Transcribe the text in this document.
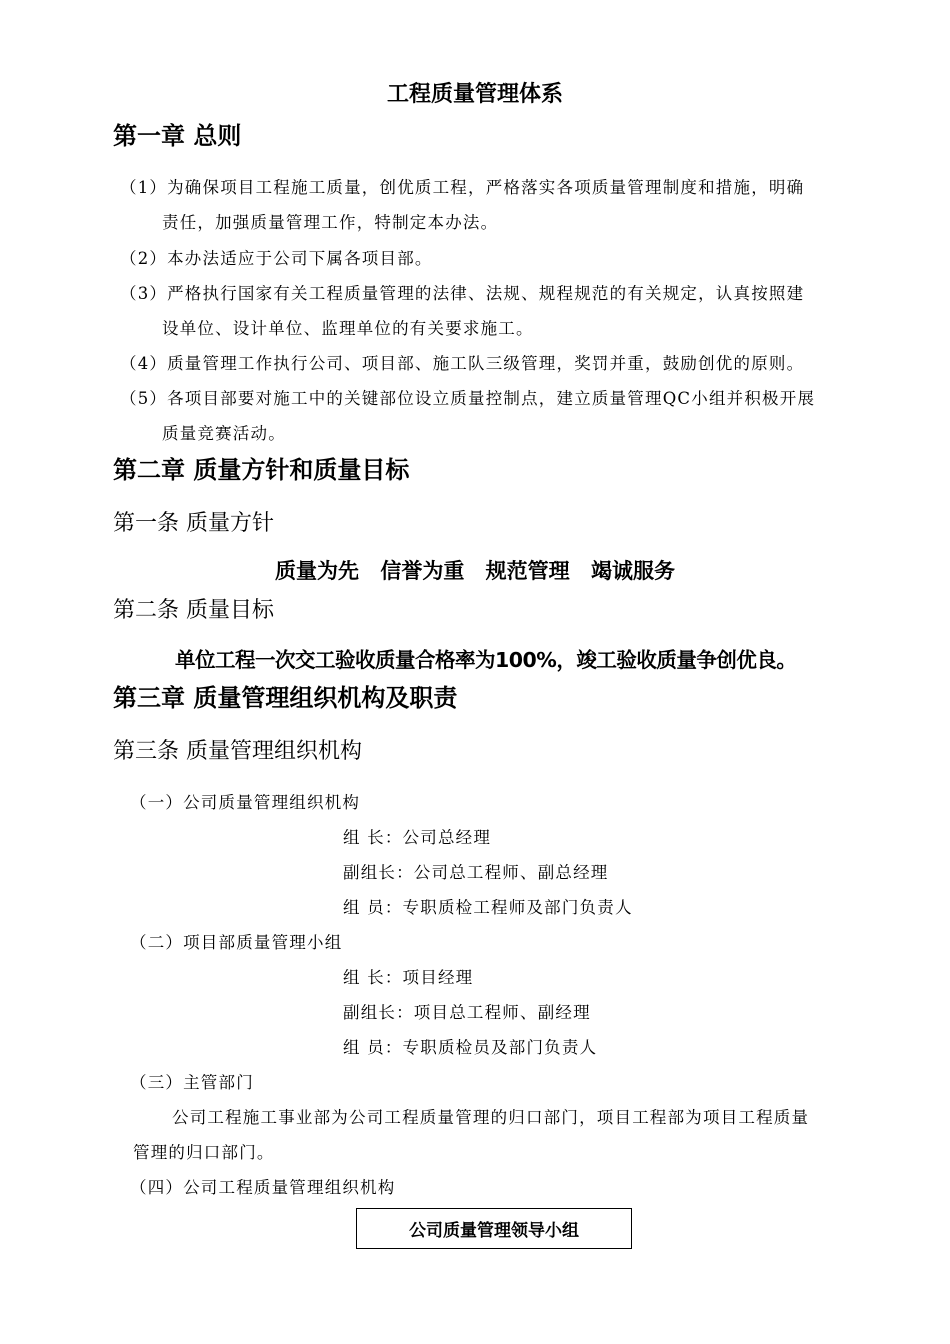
工程质量管理体系
第一章 总则
（1）为确保项目工程施工质量，创优质工程，严格落实各项质量管理制度和措施，明确
责任，加强质量管理工作，特制定本办法。
（2）本办法适应于公司下属各项目部。
（3）严格执行国家有关工程质量管理的法律、法规、规程规范的有关规定，认真按照建
设单位、设计单位、监理单位的有关要求施工。
（4）质量管理工作执行公司、项目部、施工队三级管理，奖罚并重，鼓励创优的原则。
（5）各项目部要对施工中的关键部位设立质量控制点，建立质量管理QC小组并积极开展
质量竞赛活动。
第二章 质量方针和质量目标
第一条 质量方针
质量为先 信誉为重 规范管理 竭诚服务
第二条 质量目标
单位工程一次交工验收质量合格率为100%，竣工验收质量争创优良。
第三章 质量管理组织机构及职责
第三条 质量管理组织机构
（一）公司质量管理组织机构
组 长：公司总经理
副组长：公司总工程师、副总经理
组 员：专职质检工程师及部门负责人
（二）项目部质量管理小组
组 长：项目经理
副组长：项目总工程师、副经理
组 员：专职质检员及部门负责人
（三）主管部门
公司工程施工事业部为公司工程质量管理的归口部门，项目工程部为项目工程质量
管理的归口部门。
（四）公司工程质量管理组织机构
公司质量管理领导小组
